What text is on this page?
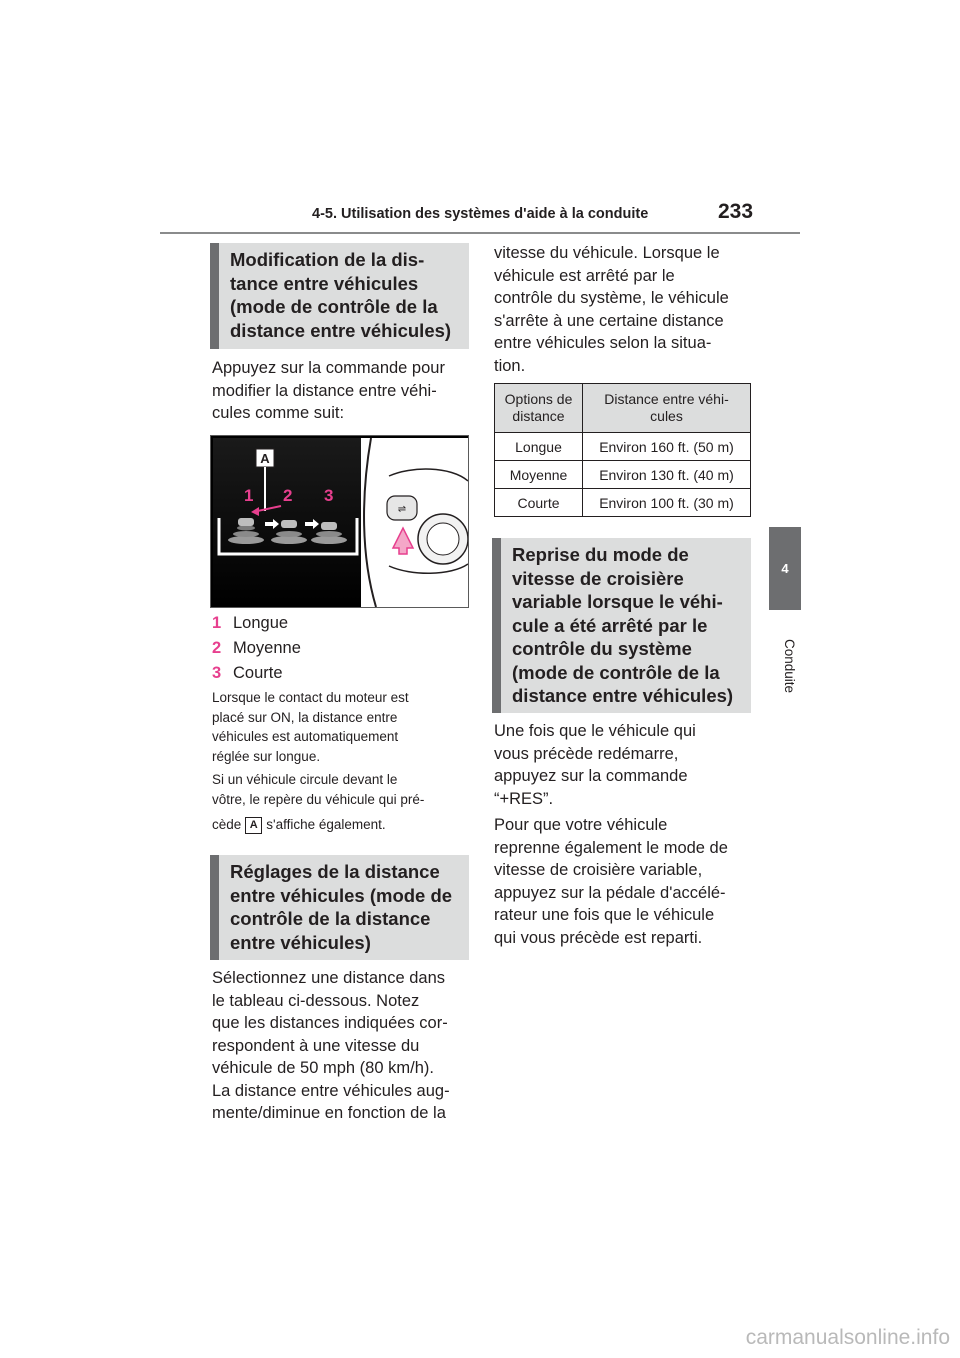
4-5. Utilisation des systèmes d'aide à la conduite	233
4
Conduite
Modification de la dis-
tance entre véhicules
(mode de contrôle de la
distance entre véhicules)
Appuyez sur la commande pour
modifier la distance entre véhi-
cules comme suit:
A
1 2 3
⇌
1 Longue
2 Moyenne
3 Courte
Lorsque le contact du moteur est
placé sur ON, la distance entre
véhicules est automatiquement
réglée sur longue.
Si un véhicule circule devant le
vôtre, le repère du véhicule qui pré-
cède A s'affiche également.
Réglages de la distance
entre véhicules (mode de
contrôle de la distance
entre véhicules)
Sélectionnez une distance dans
le tableau ci-dessous. Notez
que les distances indiquées cor-
respondent à une vitesse du
véhicule de 50 mph (80 km/h).
La distance entre véhicules aug-
mente/diminue en fonction de la
vitesse du véhicule. Lorsque le
véhicule est arrêté par le
contrôle du système, le véhicule
s'arrête à une certaine distance
entre véhicules selon la situa-
tion.
Options de
distance	Distance entre véhi-
cules

Longue	Environ 160 ft. (50 m)
Moyenne	Environ 130 ft. (40 m)
Courte	Environ 100 ft. (30 m)
Reprise du mode de
vitesse de croisière
variable lorsque le véhi-
cule a été arrêté par le
contrôle du système
(mode de contrôle de la
distance entre véhicules)
Une fois que le véhicule qui
vous précède redémarre,
appuyez sur la commande
“+RES”.
Pour que votre véhicule
reprenne également le mode de
vitesse de croisière variable,
appuyez sur la pédale d'accélé-
rateur une fois que le véhicule
qui vous précède est reparti.
carmanualsonline.info
